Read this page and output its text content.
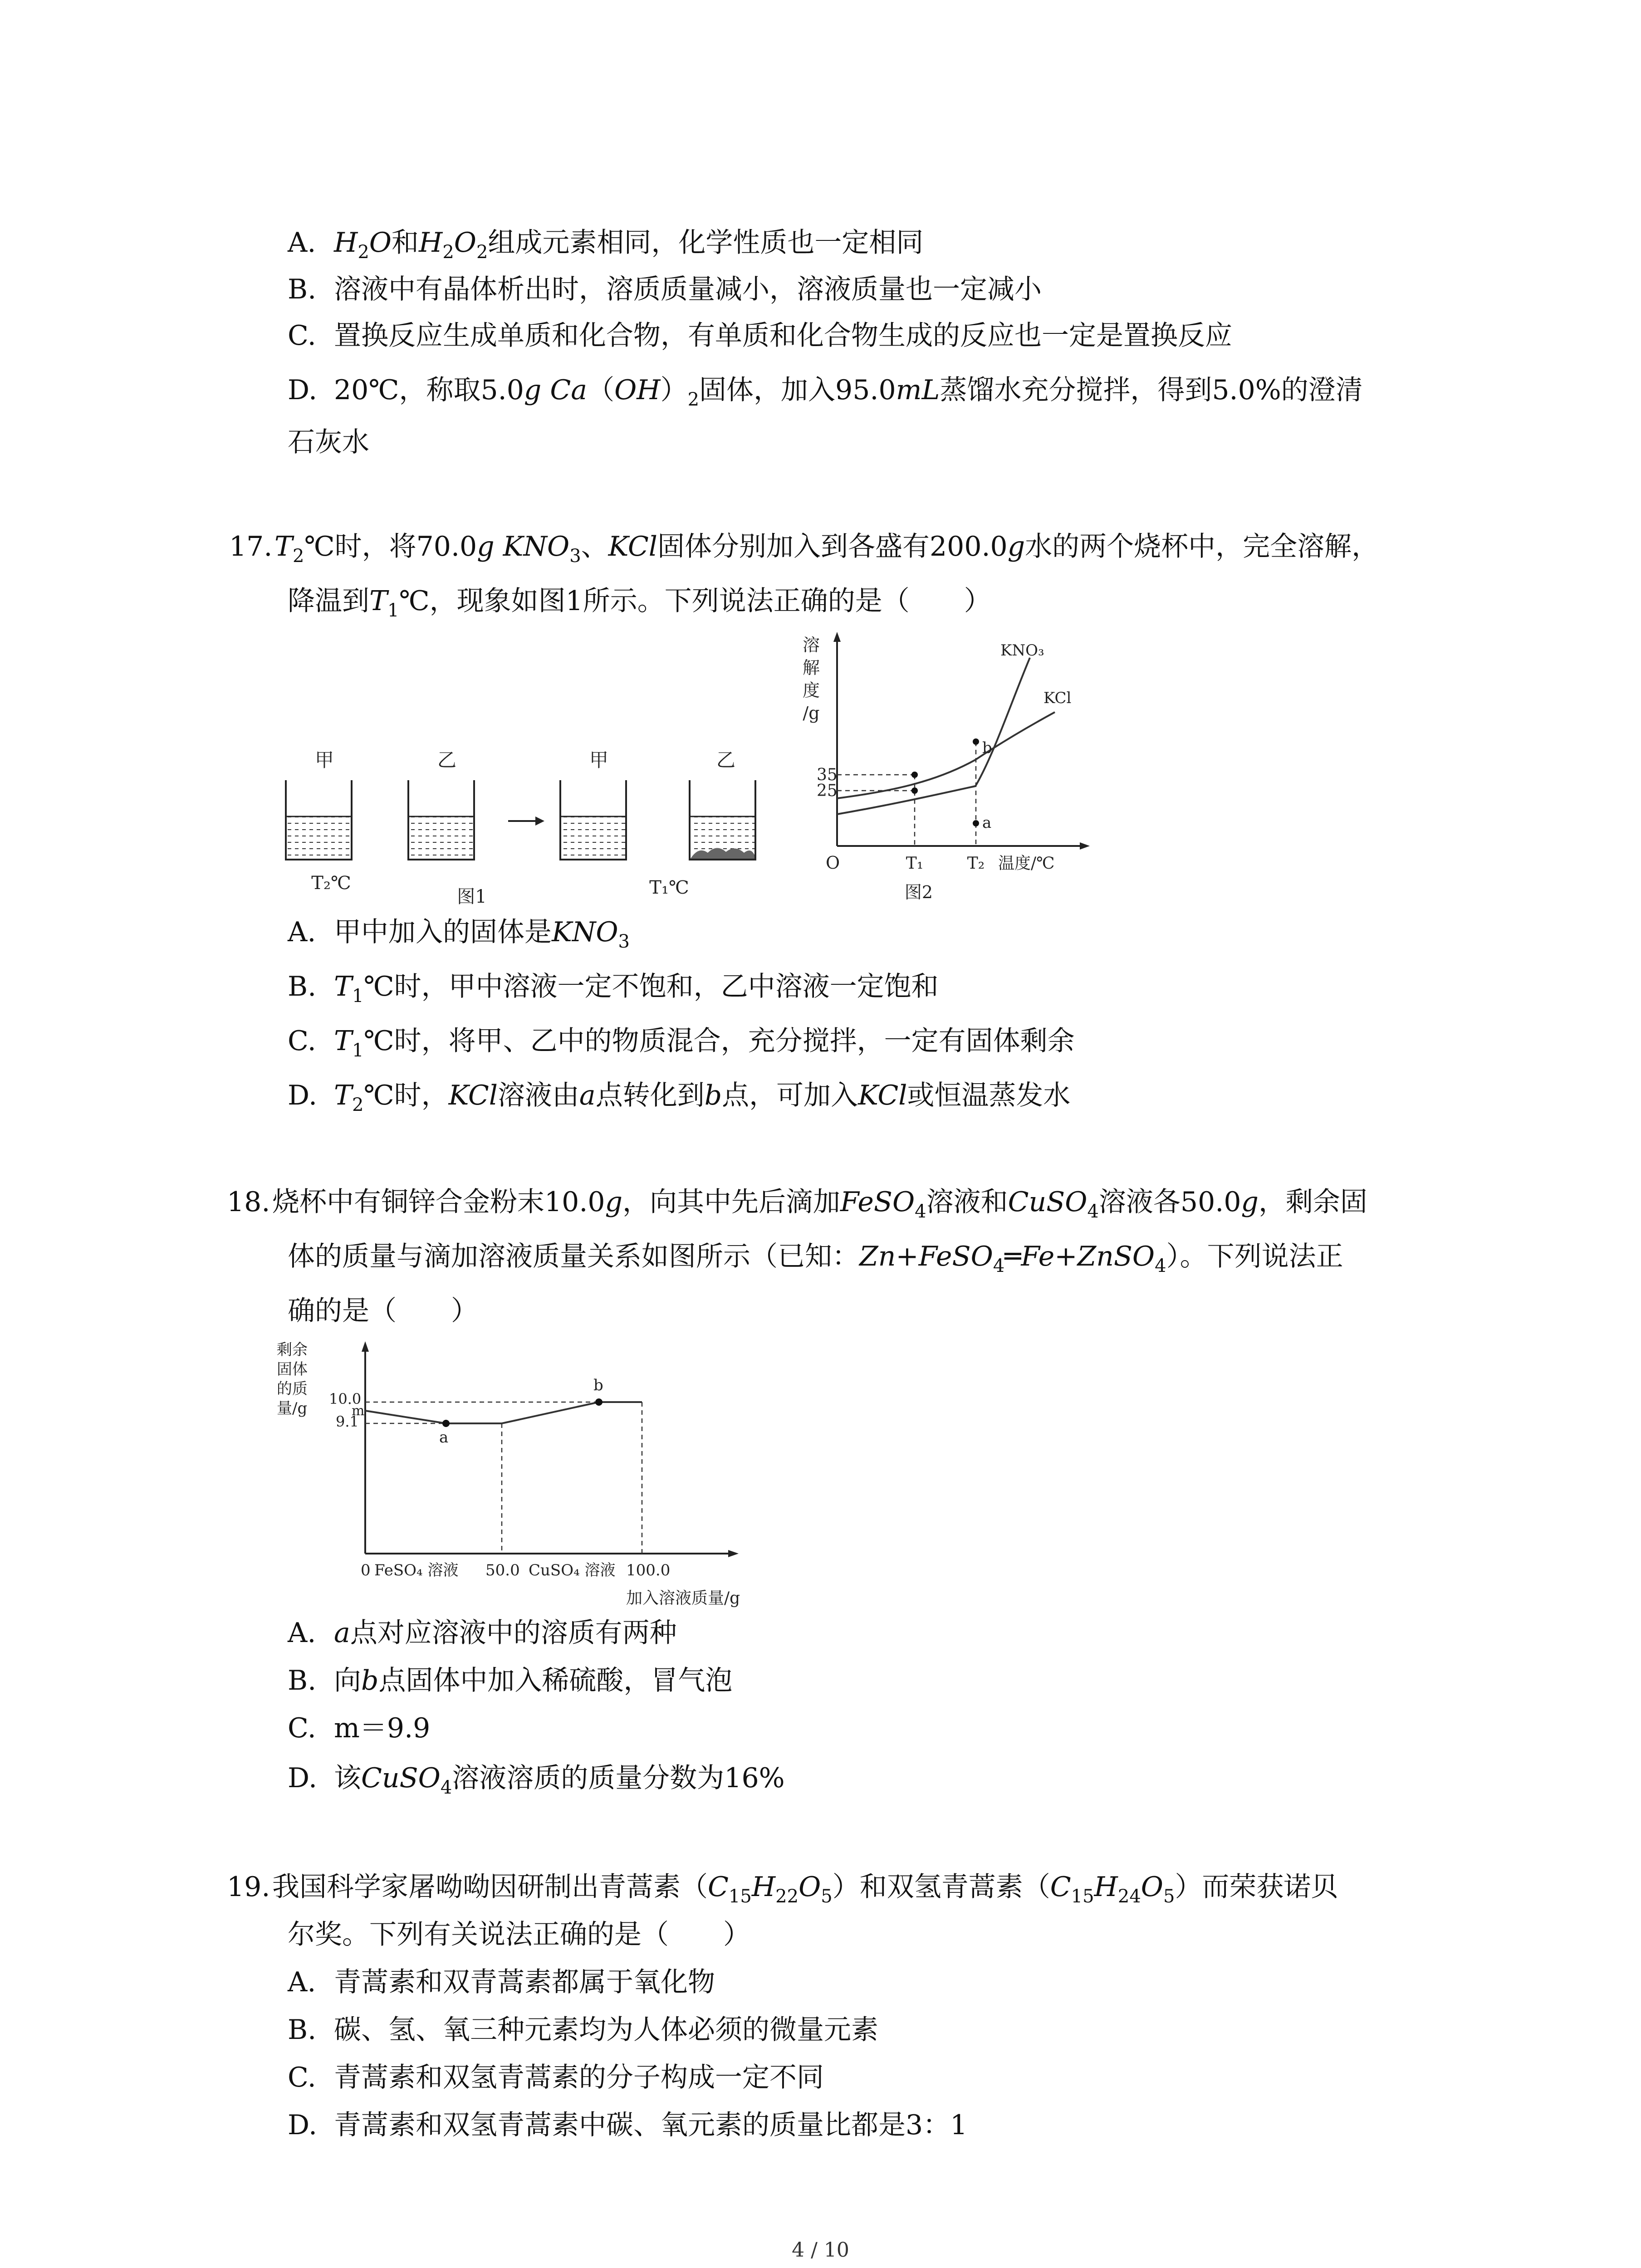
A. $H_2O$和$H_2O_2$组成元素相同，化学性质也一定相同
B. 溶液中有晶体析出时，溶质质量减小，溶液质量也一定减小
C. 置换反应生成单质和化合物，有单质和化合物生成的反应也一定是置换反应
D. 20℃，称取5.0g $Ca(OH)_2$固体，加入95.0mL蒸馏水充分搅拌，得到5.0%的澄清
石灰水
$17.T_2℃$时，将70.0g $KNO_3$、KCl固体分别加入到各盛有200.0g水的两个烧杯中，完全溶解，
降温到$T_1℃$，现象如图1所示。下列说法正确的是（　　）
甲	乙
T₂℃
甲	乙
图1	T₁℃
溶
解
度
/g
KNO₃
KCl
b
a
35
25
O	T₁	T₂ 温度/℃
图2
A. 甲中加入的固体是$KNO_3$
B. $T_1℃$时，甲中溶液一定不饱和，乙中溶液一定饱和
C. $T_1℃$时，将甲、乙中的物质混合，充分搅拌，一定有固体剩余
D. $T_2℃$时，KCl溶液由a点转化到b点，可加入KCl或恒温蒸发水
18.烧杯中有铜锌合金粉末10.0g，向其中先后滴加FeSO$_4$溶液和CuSO$_4$溶液各50.0g，剩余固
体的质量与滴加溶液质量关系如图所示（已知：Zn+FeSO$_4$═Fe+ZnSO$_4$）。下列说法正
确的是（　　）
剩余
固体
的质
量/g
a
b
10.0
m
9.1
0 FeSO₄ 溶液 50.0 CuSO₄ 溶液 100.0
加入溶液质量/g
A. a点对应溶液中的溶质有两种
B. 向b点固体中加入稀硫酸，冒气泡
C. m＝9.9
D. 该CuSO$_4$溶液溶质的质量分数为16%
19.我国科学家屠呦呦因研制出青蒿素$(C_{15}H_{22}O_5)$和双氢青蒿素$(C_{15}H_{24}O_5)$而荣获诺贝
尔奖。下列有关说法正确的是（　　）
A. 青蒿素和双青蒿素都属于氧化物
B. 碳、氢、氧三种元素均为人体必须的微量元素
C. 青蒿素和双氢青蒿素的分子构成一定不同
D. 青蒿素和双氢青蒿素中碳、氧元素的质量比都是3：1
4 / 10
